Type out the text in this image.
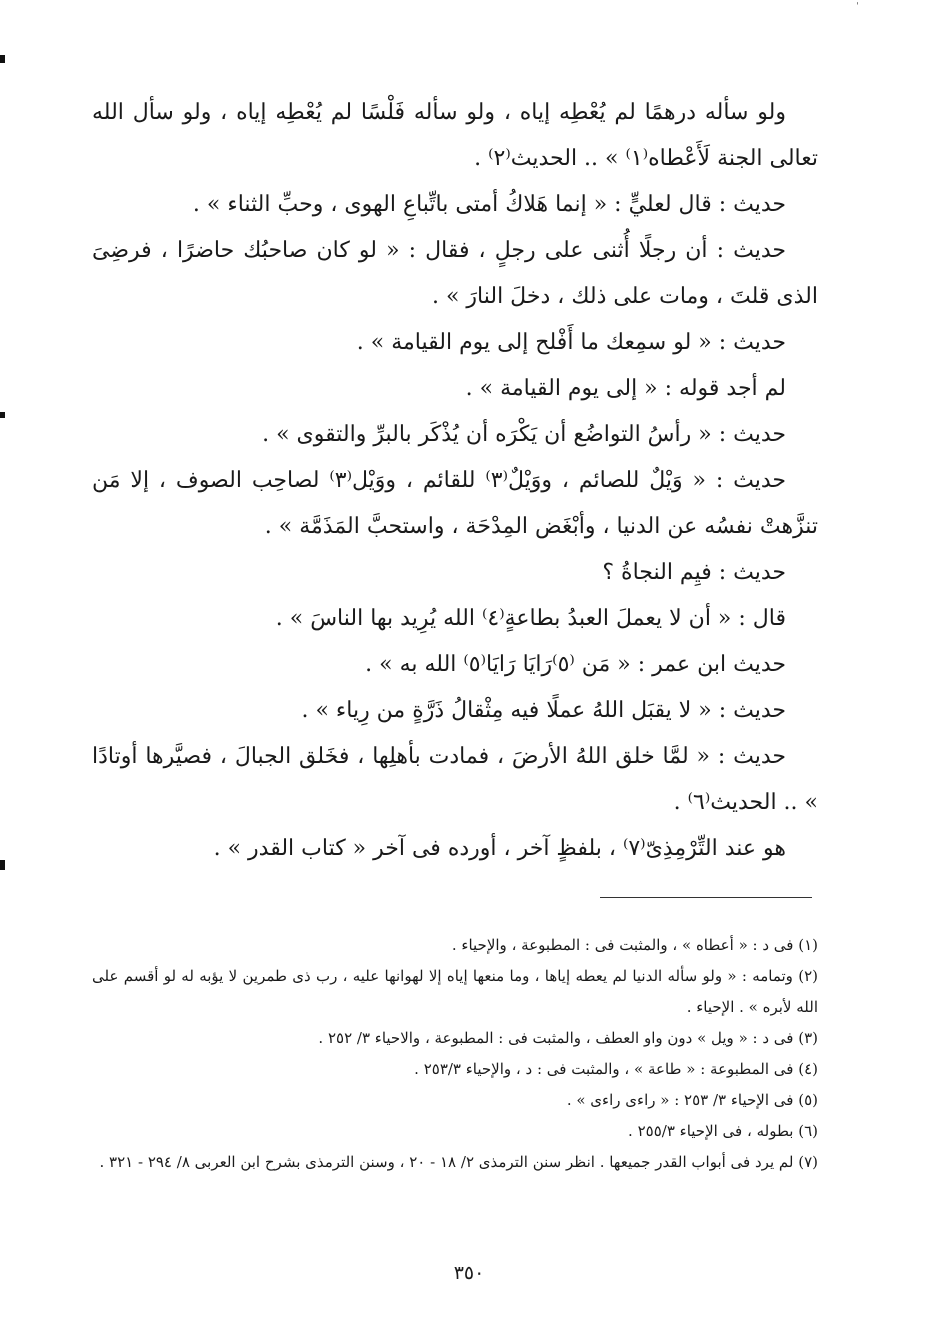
ˈ

ولو سأله درهمًا لم يُعْطِه إياه ، ولو سأله فَلْسًا لم يُعْطِه إياه ، ولو سأل الله تعالى الجنة لَأَعْطاه⁽١⁾ » .. الحديث⁽٢⁾ .

حديث : قال لعليٍّ : « إنما هَلاكُ أمتى باتِّباعِ الهوى ، وحبِّ الثناء » .

حديث : أن رجلًا أُثنى على رجلٍ ، فقال : « لو كان صاحبُك حاضرًا ، فرضِىَ الذى قلتَ ، ومات على ذلك ، دخلَ النارَ » .

حديث : « لو سمِعك ما أَفْلح إلى يوم القيامة » .

لم أجد قوله : « إلى يوم القيامة » .

حديث : « رأسُ التواضُع أن يَكْرَه أن يُذْكَر بالبرِّ والتقوى » .

حديث : « وَيْلٌ للصائم ، ووَيْلٌ⁽٣⁾ للقائم ، ووَيْل⁽٣⁾ لصاحِب الصوف ، إلا مَن تنزَّهتْ نفسُه عن الدنيا ، وأبْغَض المِدْحَة ، واستحبَّ المَذَمَّة » .

حديث : فيِم النجاةُ ؟

قال : « أن لا يعملَ العبدُ بطاعةٍ⁽٤⁾ الله يُرِيد بها الناسَ » .

حديث ابن عمر : « مَن ⁽٥⁾رَايَا رَايَا⁽٥⁾ الله به » .

حديث : « لا يقبَل اللهُ عملًا فيه مِثْقالُ ذَرَّةٍ من رِياء » .

حديث : « لمَّا خلق اللهُ الأرضَ ، فمادت بأهلِها ، فخَلق الجبالَ ، فصيَّرها أوتادًا » .. الحديث⁽٦⁾ .

هو عند التِّرْمِذِىّ⁽٧⁾ ، بلفظٍ آخر ، أورده فى آخر « كتاب القدر » .

(١) فى د : « أعطاه » ، والمثبت فى : المطبوعة ، والإحياء .

(٢) وتمامه : « ولو سأله الدنيا لم يعطه إياها ، وما منعها إياه إلا لهوانها عليه ، رب ذى طمرين لا يؤبه له لو أقسم على الله لأبره » . الإحياء .

(٣) فى د : « ويل » دون واو العطف ، والمثبت فى : المطبوعة ، والاحياء ٣/ ٢٥٢ .

(٤) فى المطبوعة : « طاعة » ، والمثبت فى : د ، والإحياء ٢٥٣/٣ .

(٥) فى الإحياء ٣/ ٢٥٣ : « راءى راءى » .

(٦) بطوله ، فى الإحياء ٢٥٥/٣ .

(٧) لم يرد فى أبواب القدر جميعها . انظر سنن الترمذى ٢/ ١٨ - ٢٠ ، وسنن الترمذى بشرح ابن العربى ٨/ ٢٩٤ - ٣٢١ .

٣٥٠
